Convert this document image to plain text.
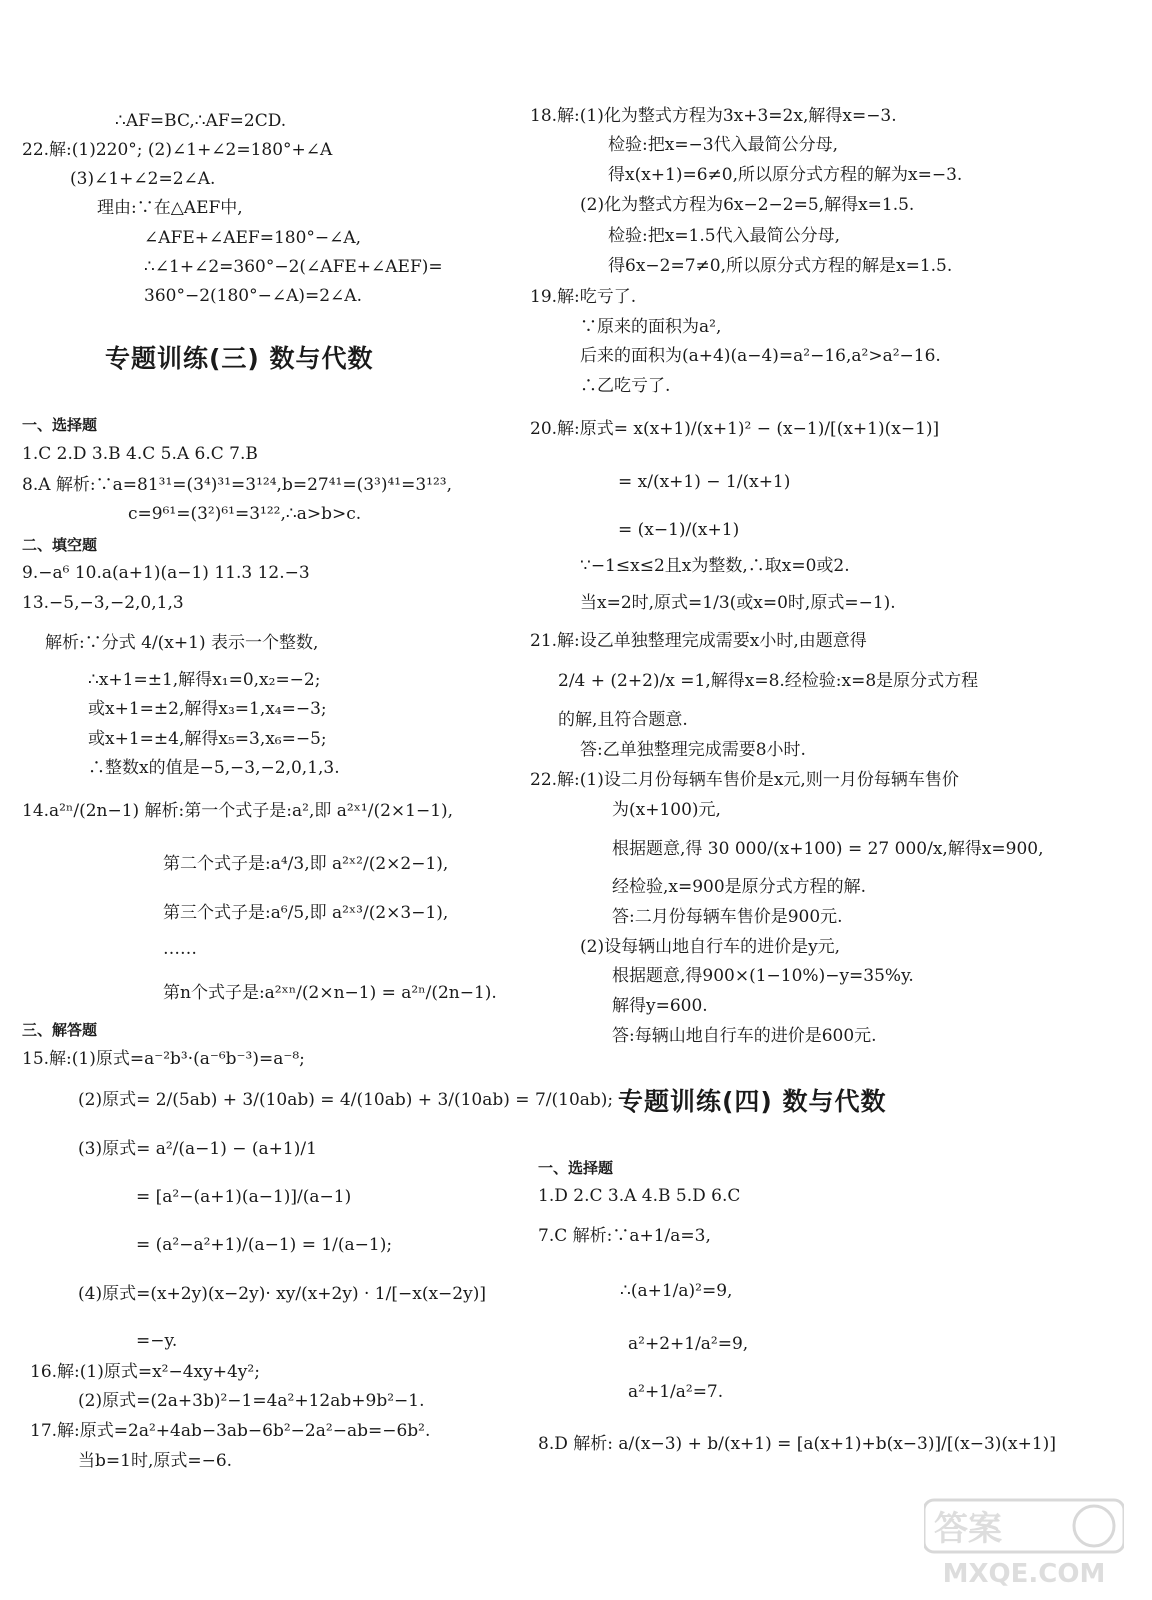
∴AF=BC,∴AF=2CD.
22.解:(1)220°; (2)∠1+∠2=180°+∠A
(3)∠1+∠2=2∠A.
理由:∵在△AEF中,
∠AFE+∠AEF=180°−∠A,
∴∠1+∠2=360°−2(∠AFE+∠AEF)=
360°−2(180°−∠A)=2∠A.
专题训练(三) 数与代数
一、选择题
1.C 2.D 3.B 4.C 5.A 6.C 7.B
8.A 解析:∵a=81³¹=(3⁴)³¹=3¹²⁴,b=27⁴¹=(3³)⁴¹=3¹²³,
c=9⁶¹=(3²)⁶¹=3¹²²,∴a>b>c.
二、填空题
9.−a⁶ 10.a(a+1)(a−1) 11.3 12.−3
13.−5,−3,−2,0,1,3
解析:∵分式 4/(x+1) 表示一个整数,
∴x+1=±1,解得x₁=0,x₂=−2;
或x+1=±2,解得x₃=1,x₄=−3;
或x+1=±4,解得x₅=3,x₆=−5;
∴整数x的值是−5,−3,−2,0,1,3.
14.a²ⁿ/(2n−1) 解析:第一个式子是:a²,即 a²ˣ¹/(2×1−1),
第二个式子是:a⁴/3,即 a²ˣ²/(2×2−1),
第三个式子是:a⁶/5,即 a²ˣ³/(2×3−1),
……
第n个式子是:a²ˣⁿ/(2×n−1) = a²ⁿ/(2n−1).
三、解答题
15.解:(1)原式=a⁻²b³·(a⁻⁶b⁻³)=a⁻⁸;
(2)原式= 2/(5ab) + 3/(10ab) = 4/(10ab) + 3/(10ab) = 7/(10ab);
(3)原式= a²/(a−1) − (a+1)/1
= [a²−(a+1)(a−1)]/(a−1)
= (a²−a²+1)/(a−1) = 1/(a−1);
(4)原式=(x+2y)(x−2y)· xy/(x+2y) · 1/[−x(x−2y)]
=−y.
16.解:(1)原式=x²−4xy+4y²;
(2)原式=(2a+3b)²−1=4a²+12ab+9b²−1.
17.解:原式=2a²+4ab−3ab−6b²−2a²−ab=−6b².
当b=1时,原式=−6.
18.解:(1)化为整式方程为3x+3=2x,解得x=−3.
检验:把x=−3代入最简公分母,
得x(x+1)=6≠0,所以原分式方程的解为x=−3.
(2)化为整式方程为6x−2−2=5,解得x=1.5.
检验:把x=1.5代入最简公分母,
得6x−2=7≠0,所以原分式方程的解是x=1.5.
19.解:吃亏了.
∵原来的面积为a²,
后来的面积为(a+4)(a−4)=a²−16,a²>a²−16.
∴乙吃亏了.
20.解:原式= x(x+1)/(x+1)² − (x−1)/[(x+1)(x−1)]
= x/(x+1) − 1/(x+1)
= (x−1)/(x+1)
∵−1≤x≤2且x为整数,∴取x=0或2.
当x=2时,原式=1/3(或x=0时,原式=−1).
21.解:设乙单独整理完成需要x小时,由题意得
2/4 + (2+2)/x =1,解得x=8.经检验:x=8是原分式方程
的解,且符合题意.
答:乙单独整理完成需要8小时.
22.解:(1)设二月份每辆车售价是x元,则一月份每辆车售价
为(x+100)元,
根据题意,得 30 000/(x+100) = 27 000/x,解得x=900,
经检验,x=900是原分式方程的解.
答:二月份每辆车售价是900元.
(2)设每辆山地自行车的进价是y元,
根据题意,得900×(1−10%)−y=35%y.
解得y=600.
答:每辆山地自行车的进价是600元.
专题训练(四) 数与代数
一、选择题
1.D 2.C 3.A 4.B 5.D 6.C
7.C 解析:∵a+1/a=3,
∴(a+1/a)²=9,
a²+2+1/a²=9,
a²+1/a²=7.
8.D 解析: a/(x−3) + b/(x+1) = [a(x+1)+b(x−3)]/[(x−3)(x+1)]
答案
MXQE.COM
